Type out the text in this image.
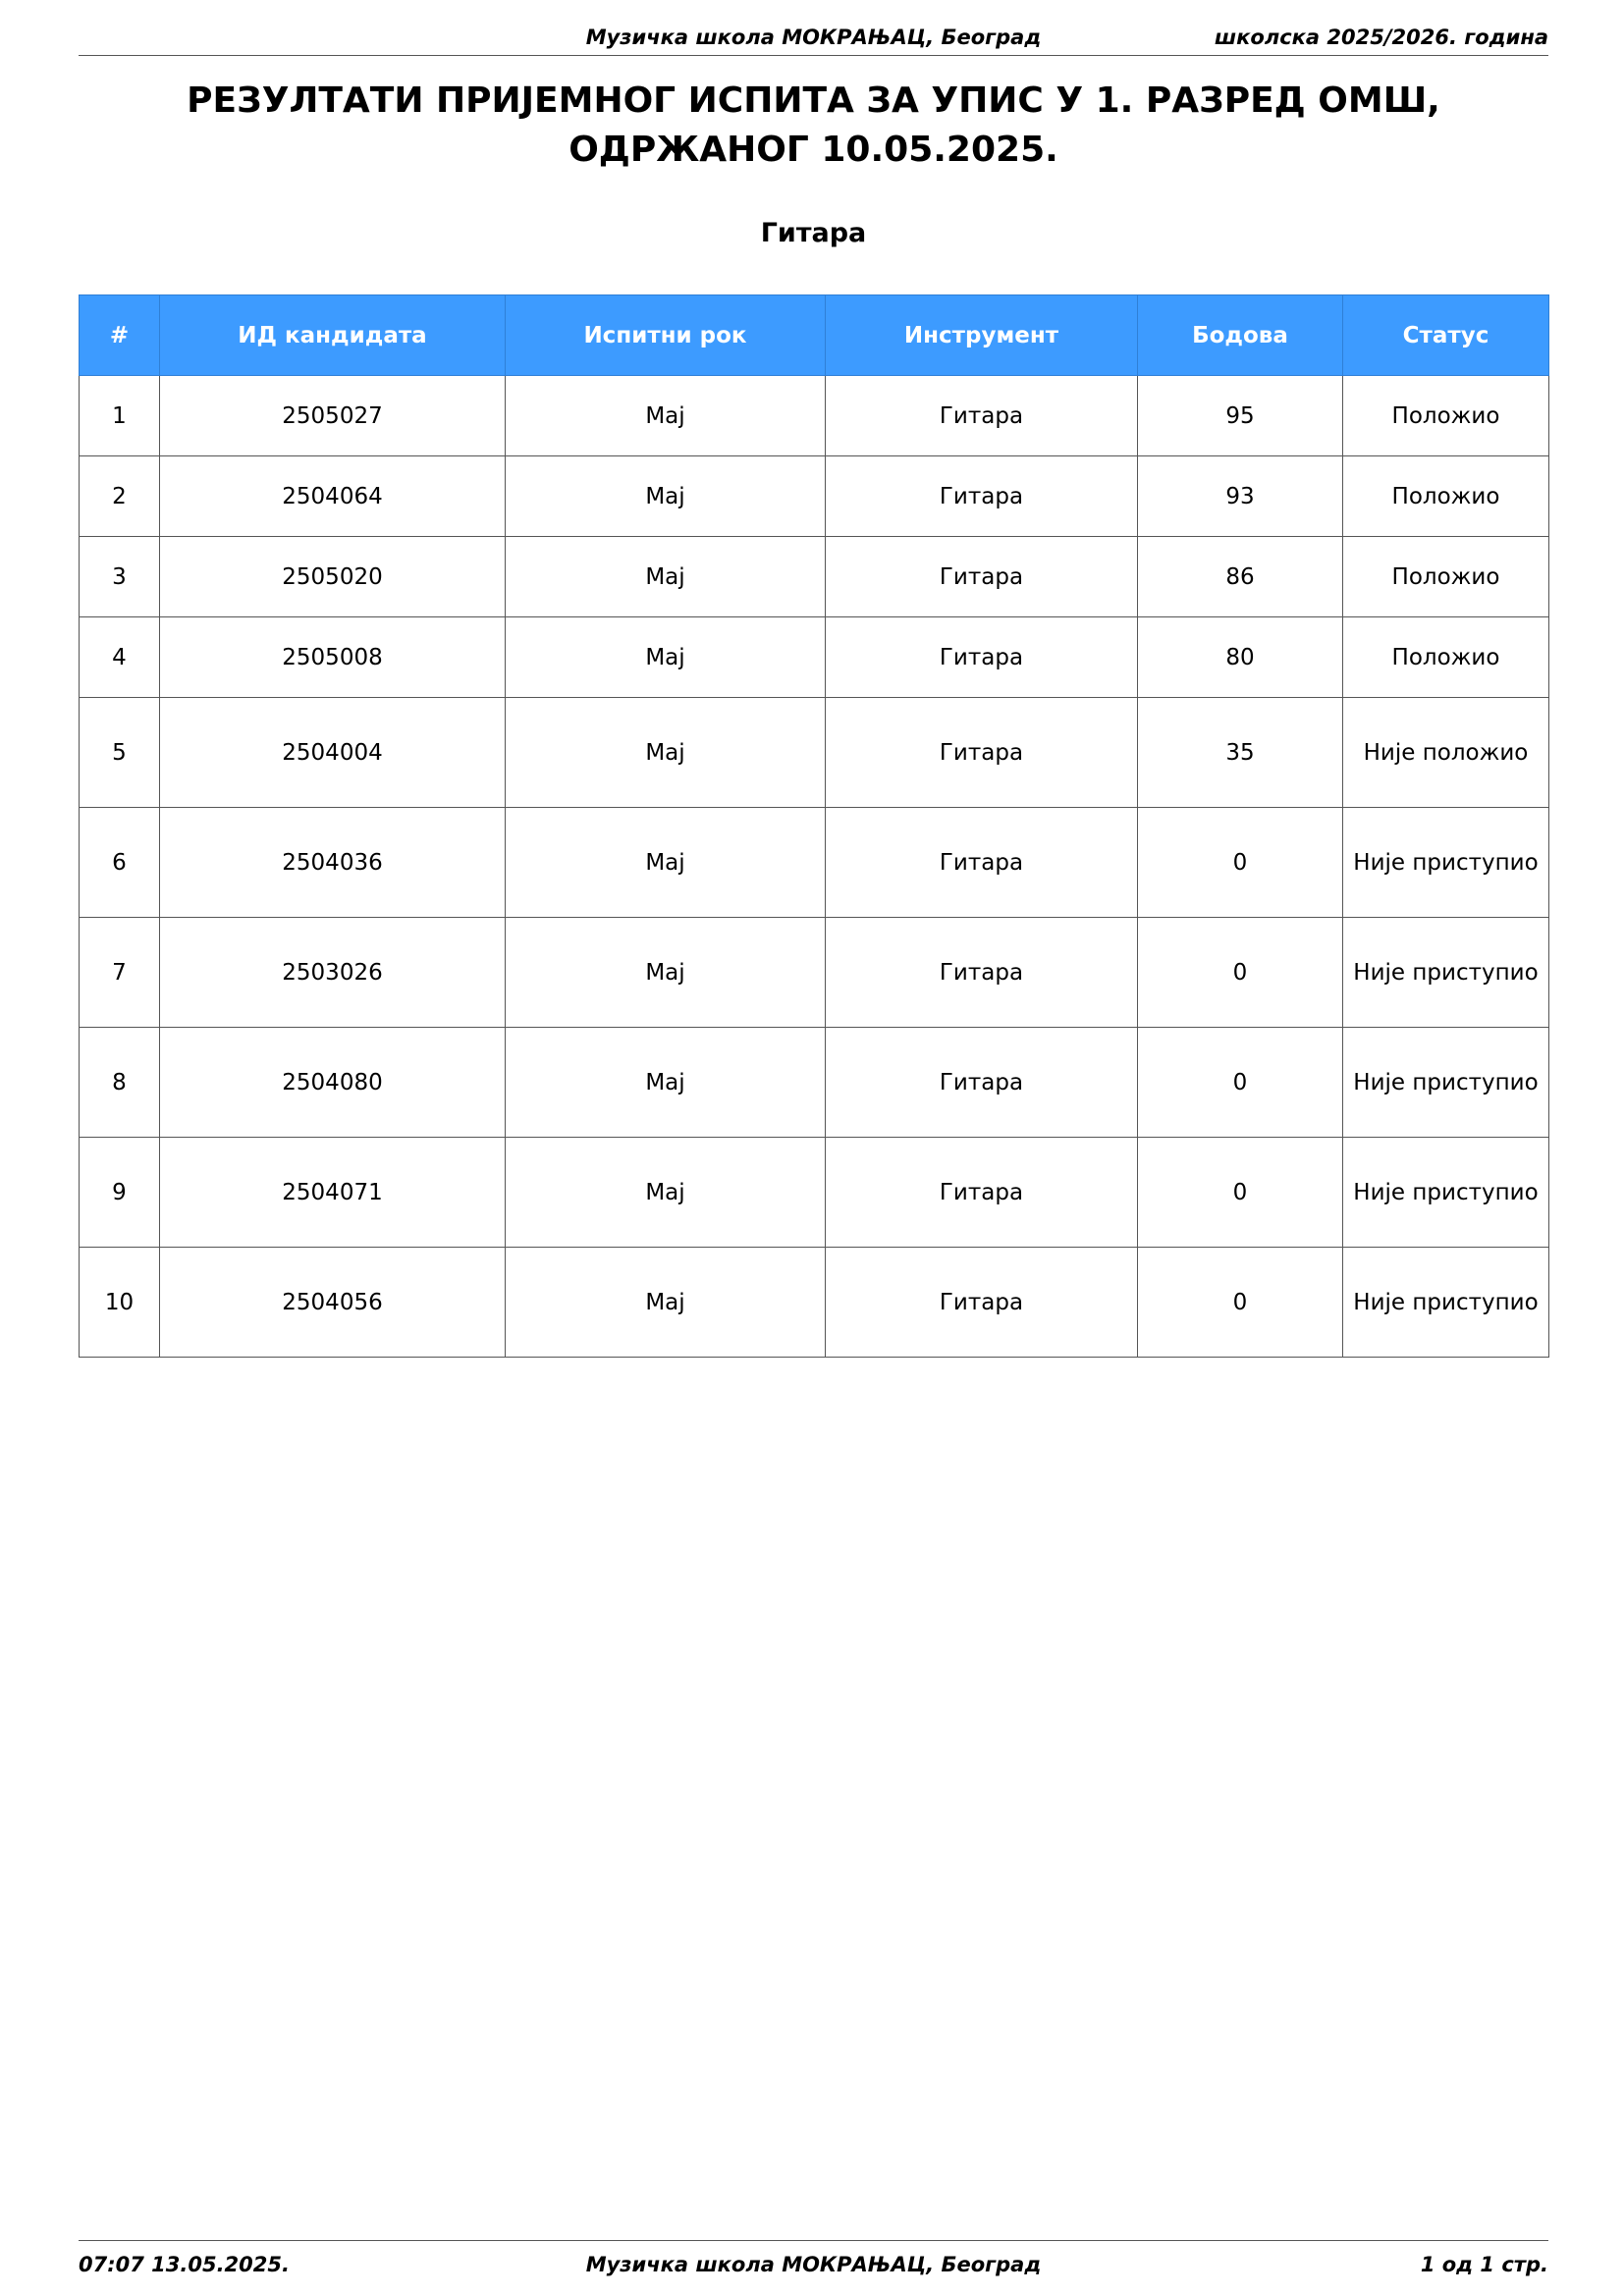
Музичка школа МОКРАЊАЦ, Београд	школска 2025/2026. година
РЕЗУЛТАТИ ПРИЈЕМНОГ ИСПИТА ЗА УПИС У 1. РАЗРЕД ОМШ, ОДРЖАНОГ 10.05.2025.
Гитара
#	ИД кандидата	Испитни рок	Инструмент	Бодова	Статус
1	2505027	Мај	Гитара	95	Положио
2	2504064	Мај	Гитара	93	Положио
3	2505020	Мај	Гитара	86	Положио
4	2505008	Мај	Гитара	80	Положио
5	2504004	Мај	Гитара	35	Није положио
6	2504036	Мај	Гитара	0	Није приступио
7	2503026	Мај	Гитара	0	Није приступио
8	2504080	Мај	Гитара	0	Није приступио
9	2504071	Мај	Гитара	0	Није приступио
10	2504056	Мај	Гитара	0	Није приступио
07:07 13.05.2025.	Музичка школа МОКРАЊАЦ, Београд	1 од 1 стр.
